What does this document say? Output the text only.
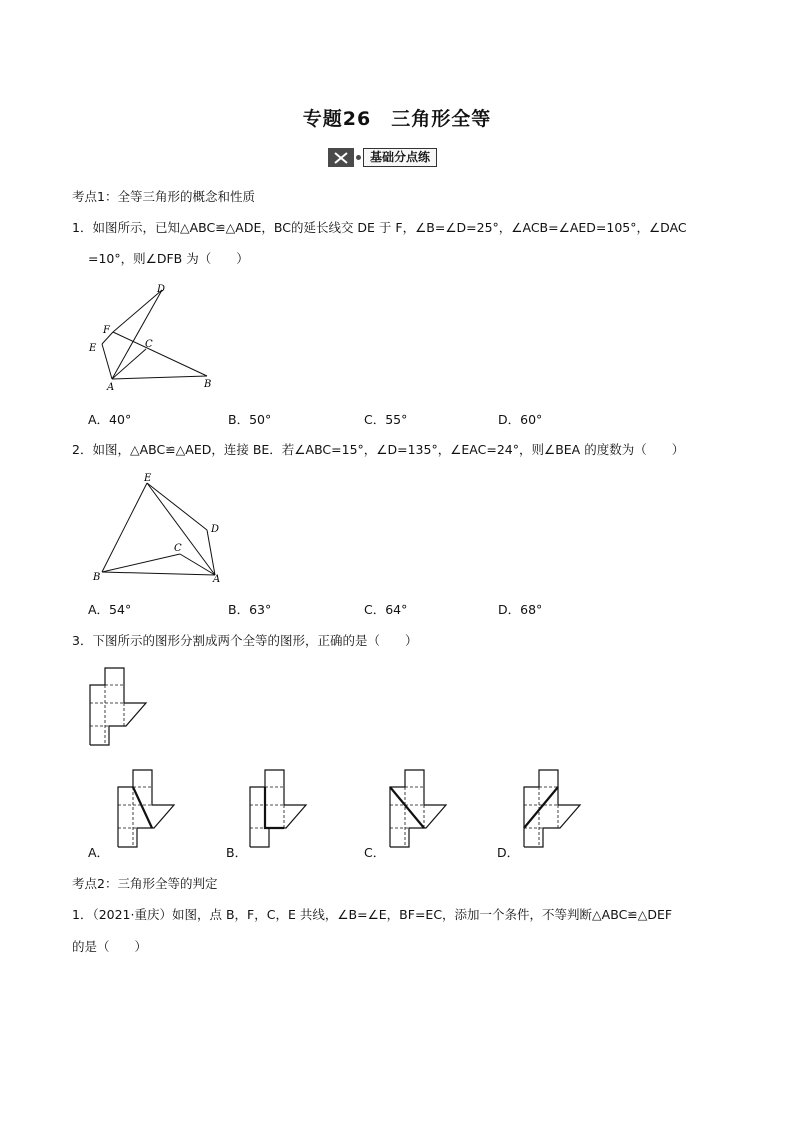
专题26　三角形全等
基础分点练
考点1：全等三角形的概念和性质
1．如图所示，已知△ABC≌△ADE，BC的延长线交 DE 于 F，∠B=∠D=25°，∠ACB=∠AED=105°，∠DAC
=10°，则∠DFB 为（　　）
D
F
E	C
A	B
A．40°	B．50°	C．55°	D．60°
2．如图，△ABC≌△AED，连接 BE．若∠ABC=15°，∠D=135°，∠EAC=24°，则∠BEA 的度数为（　　）
E
D
C
B	A
A．54°	B．63°	C．64°	D．68°
3．下图所示的图形分割成两个全等的图形，正确的是（　　）
A．	B．	C．	D．
考点2：三角形全等的判定
1．（2021·重庆）如图，点 B，F，C，E 共线，∠B=∠E，BF=EC，添加一个条件，不等判断△ABC≌△DEF
的是（　　）
